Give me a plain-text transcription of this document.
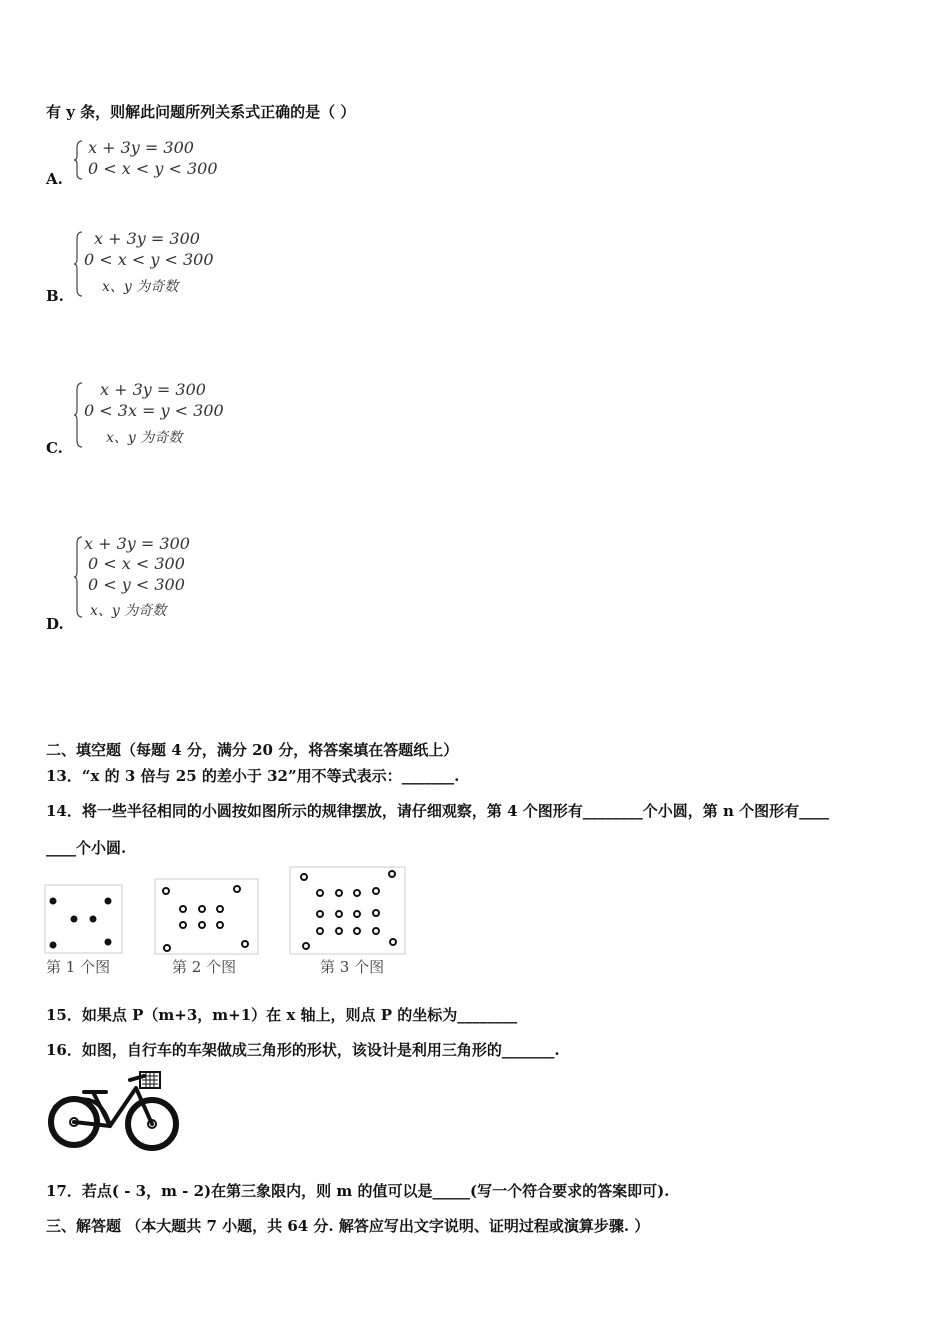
有 y 条，则解此问题所列关系式正确的是（ ）
x + 3y = 300
0 < x < y < 300
A.
x + 3y = 300
0 < x < y < 300
x、y 为奇数
B.
x + 3y = 300
0 < 3x = y < 300
x、y 为奇数
C.
x + 3y = 300
0 < x < 300
0 < y < 300
x、y 为奇数
D.
二、填空题（每题 4 分，满分 20 分，将答案填在答题纸上）
13．“x 的 3 倍与 25 的差小于 32”用不等式表示：_______.
14．将一些半径相同的小圆按如图所示的规律摆放，请仔细观察，第 4 个图形有________个小圆，第 n 个图形有____
____个小圆.
第 1 个图	第 2 个图	第 3 个图
15．如果点 P（m+3，m+1）在 x 轴上，则点 P 的坐标为________
16．如图，自行车的车架做成三角形的形状，该设计是利用三角形的_______.
17．若点( - 3，m - 2)在第三象限内，则 m 的值可以是_____(写一个符合要求的答案即可).
三、解答题 （本大题共 7 小题，共 64 分. 解答应写出文字说明、证明过程或演算步骤. ）
